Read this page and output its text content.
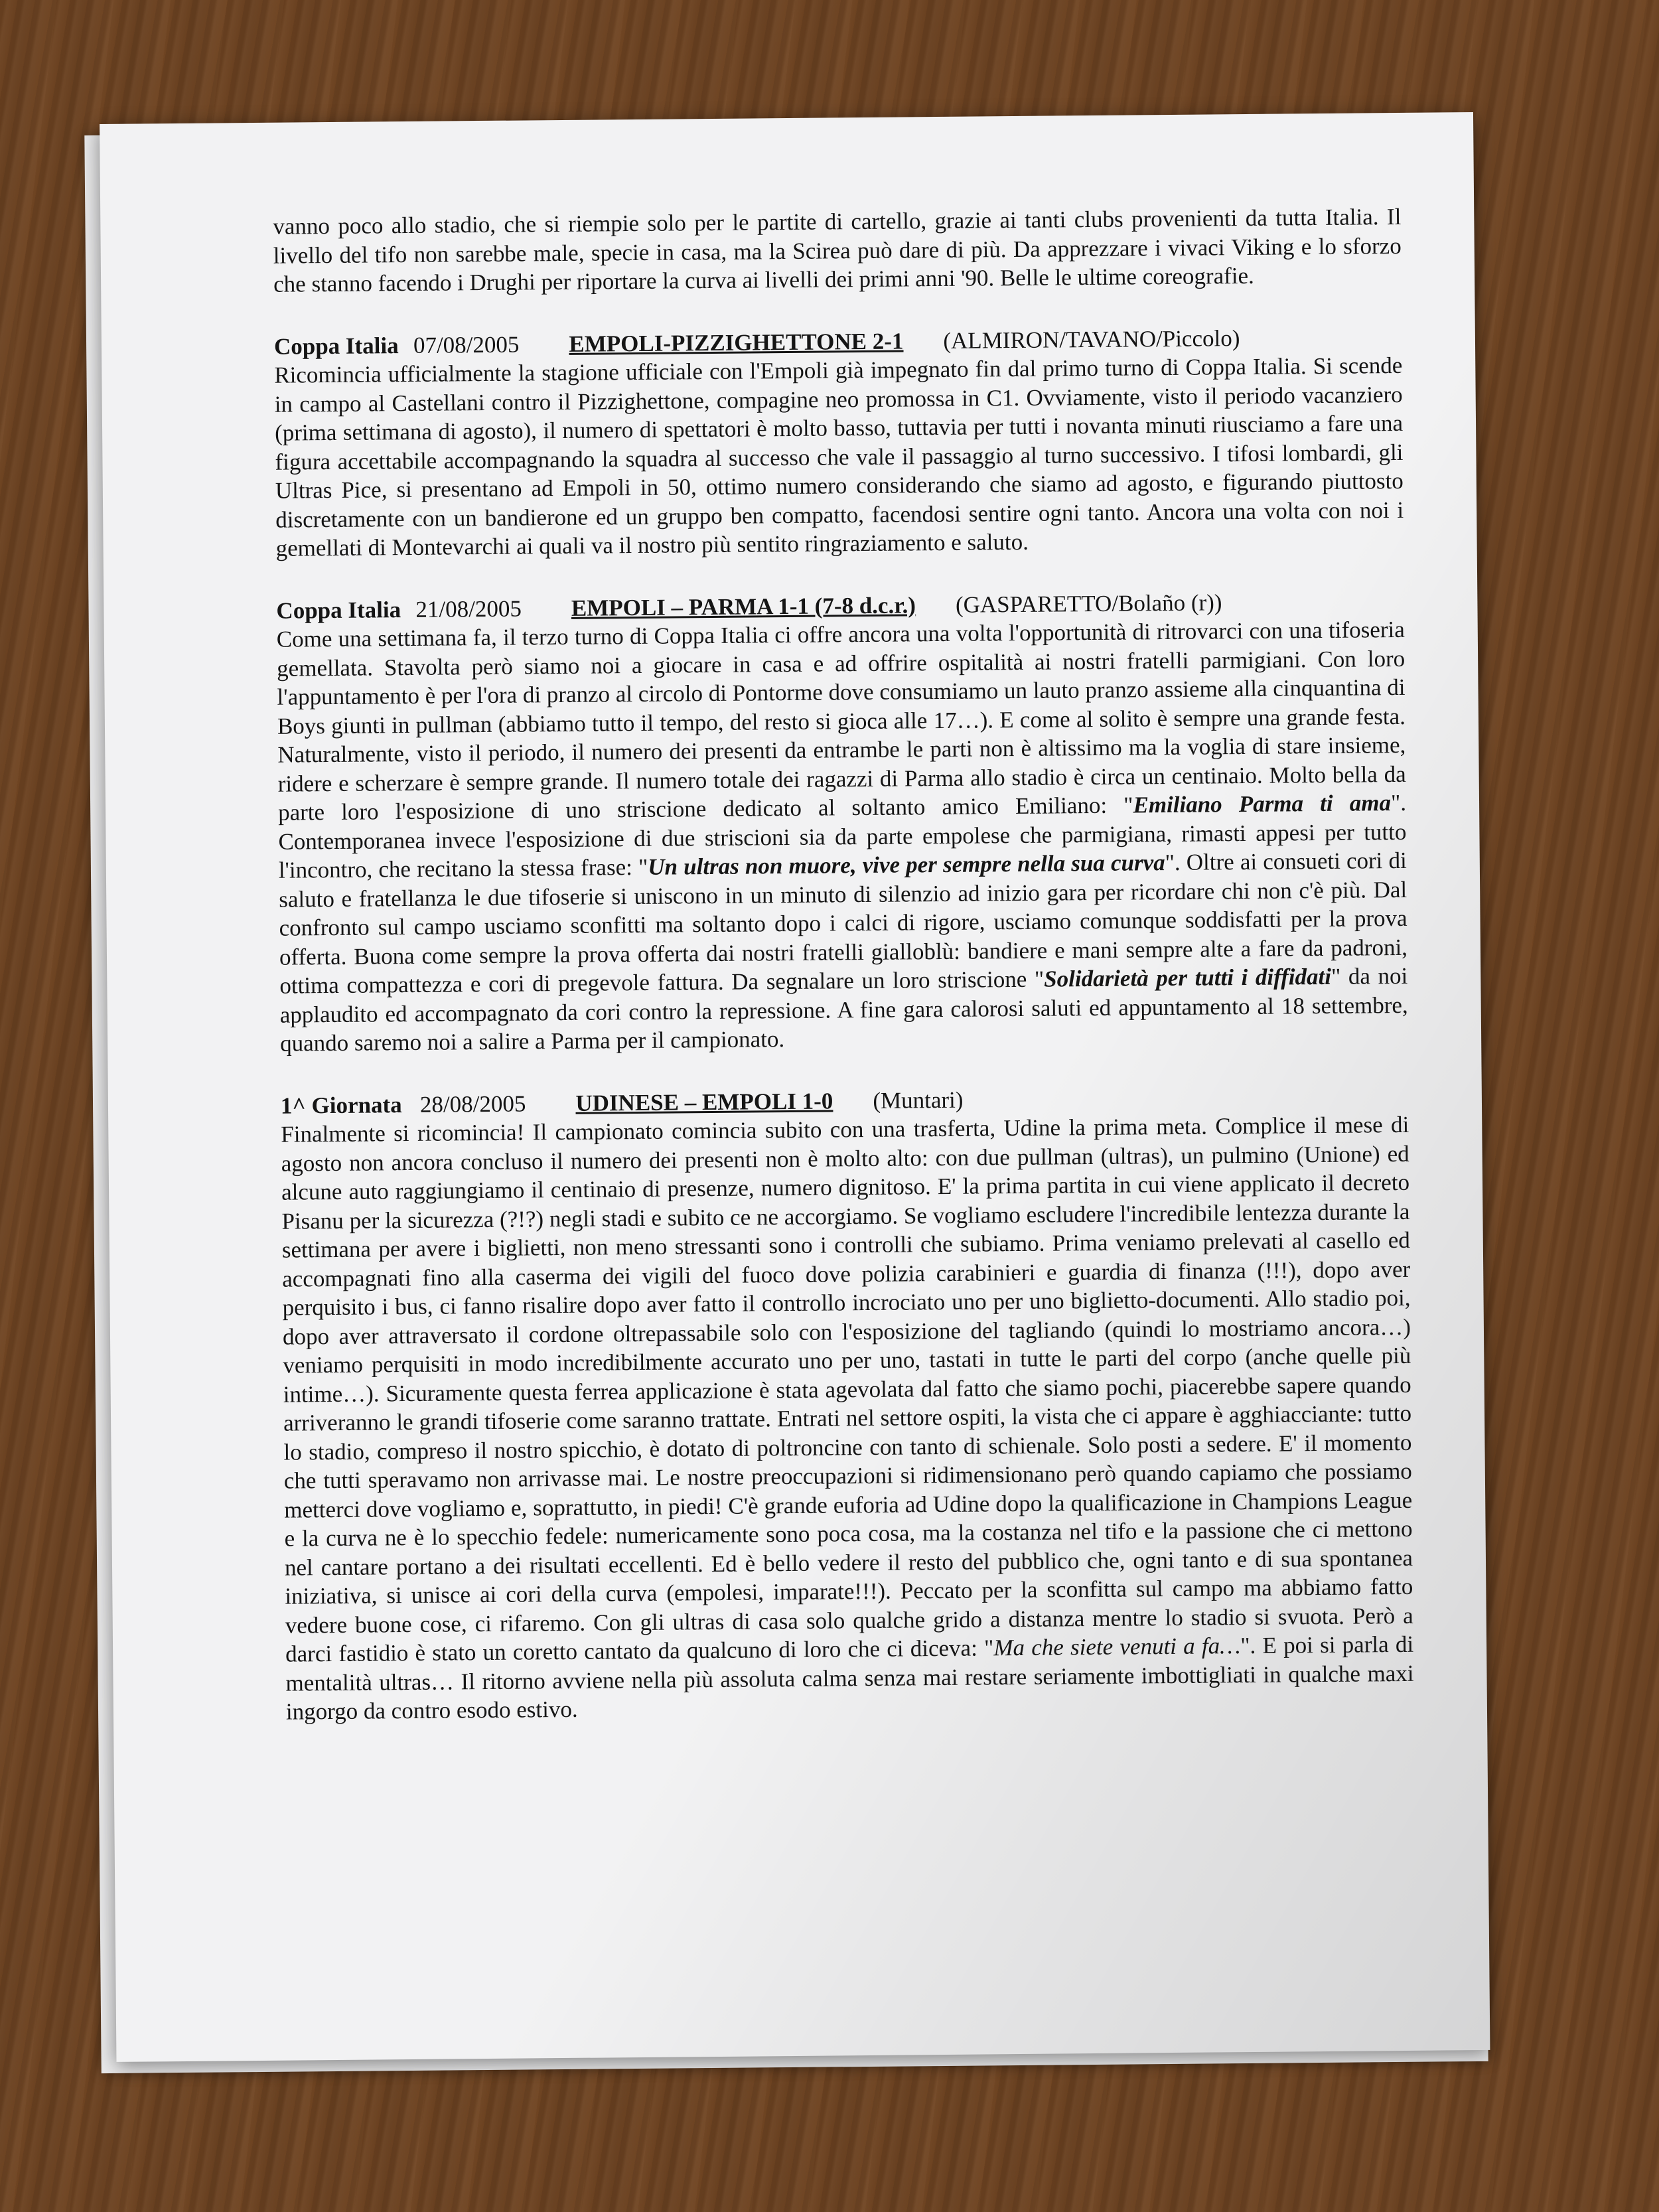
vanno poco allo stadio, che si riempie solo per le partite di cartello, grazie ai tanti clubs provenienti da tutta Italia. Il livello del tifo non sarebbe male, specie in casa, ma la Scirea può dare di più. Da apprezzare i vivaci Viking e lo sforzo che stanno facendo i Drughi per riportare la curva ai livelli dei primi anni '90. Belle le ultime coreografie.

Coppa Italia 07/08/2005 EMPOLI-PIZZIGHETTONE 2-1 (ALMIRON/TAVANO/Piccolo)
Ricomincia ufficialmente la stagione ufficiale con l'Empoli già impegnato fin dal primo turno di Coppa Italia. Si scende in campo al Castellani contro il Pizzighettone, compagine neo promossa in C1. Ovviamente, visto il periodo vacanziero (prima settimana di agosto), il numero di spettatori è molto basso, tuttavia per tutti i novanta minuti riusciamo a fare una figura accettabile accompagnando la squadra al successo che vale il passaggio al turno successivo. I tifosi lombardi, gli Ultras Pice, si presentano ad Empoli in 50, ottimo numero considerando che siamo ad agosto, e figurando piuttosto discretamente con un bandierone ed un gruppo ben compatto, facendosi sentire ogni tanto. Ancora una volta con noi i gemellati di Montevarchi ai quali va il nostro più sentito ringraziamento e saluto.
Coppa Italia 21/08/2005 EMPOLI – PARMA 1-1 (7-8 d.c.r.) (GASPARETTO/Bolaño (r))
Come una settimana fa, il terzo turno di Coppa Italia ci offre ancora una volta l'opportunità di ritrovarci con una tifoseria gemellata. Stavolta però siamo noi a giocare in casa e ad offrire ospitalità ai nostri fratelli parmigiani. Con loro l'appuntamento è per l'ora di pranzo al circolo di Pontorme dove consumiamo un lauto pranzo assieme alla cinquantina di Boys giunti in pullman (abbiamo tutto il tempo, del resto si gioca alle 17…). E come al solito è sempre una grande festa. Naturalmente, visto il periodo, il numero dei presenti da entrambe le parti non è altissimo ma la voglia di stare insieme, ridere e scherzare è sempre grande. Il numero totale dei ragazzi di Parma allo stadio è circa un centinaio. Molto bella da parte loro l'esposizione di uno striscione dedicato al soltanto amico Emiliano: "Emiliano Parma ti ama". Contemporanea invece l'esposizione di due striscioni sia da parte empolese che parmigiana, rimasti appesi per tutto l'incontro, che recitano la stessa frase: "Un ultras non muore, vive per sempre nella sua curva". Oltre ai consueti cori di saluto e fratellanza le due tifoserie si uniscono in un minuto di silenzio ad inizio gara per ricordare chi non c'è più. Dal confronto sul campo usciamo sconfitti ma soltanto dopo i calci di rigore, usciamo comunque soddisfatti per la prova offerta. Buona come sempre la prova offerta dai nostri fratelli gialloblù: bandiere e mani sempre alte a fare da padroni, ottima compattezza e cori di pregevole fattura. Da segnalare un loro striscione "Solidarietà per tutti i diffidati" da noi applaudito ed accompagnato da cori contro la repressione. A fine gara calorosi saluti ed appuntamento al 18 settembre, quando saremo noi a salire a Parma per il campionato.
1^ Giornata 28/08/2005 UDINESE – EMPOLI 1-0 (Muntari)
Finalmente si ricomincia! Il campionato comincia subito con una trasferta, Udine la prima meta. Complice il mese di agosto non ancora concluso il numero dei presenti non è molto alto: con due pullman (ultras), un pulmino (Unione) ed alcune auto raggiungiamo il centinaio di presenze, numero dignitoso. E' la prima partita in cui viene applicato il decreto Pisanu per la sicurezza (?!?) negli stadi e subito ce ne accorgiamo. Se vogliamo escludere l'incredibile lentezza durante la settimana per avere i biglietti, non meno stressanti sono i controlli che subiamo. Prima veniamo prelevati al casello ed accompagnati fino alla caserma dei vigili del fuoco dove polizia carabinieri e guardia di finanza (!!!), dopo aver perquisito i bus, ci fanno risalire dopo aver fatto il controllo incrociato uno per uno biglietto-documenti. Allo stadio poi, dopo aver attraversato il cordone oltrepassabile solo con l'esposizione del tagliando (quindi lo mostriamo ancora…) veniamo perquisiti in modo incredibilmente accurato uno per uno, tastati in tutte le parti del corpo (anche quelle più intime…). Sicuramente questa ferrea applicazione è stata agevolata dal fatto che siamo pochi, piacerebbe sapere quando arriveranno le grandi tifoserie come saranno trattate. Entrati nel settore ospiti, la vista che ci appare è agghiacciante: tutto lo stadio, compreso il nostro spicchio, è dotato di poltroncine con tanto di schienale. Solo posti a sedere. E' il momento che tutti speravamo non arrivasse mai. Le nostre preoccupazioni si ridimensionano però quando capiamo che possiamo metterci dove vogliamo e, soprattutto, in piedi! C'è grande euforia ad Udine dopo la qualificazione in Champions League e la curva ne è lo specchio fedele: numericamente sono poca cosa, ma la costanza nel tifo e la passione che ci mettono nel cantare portano a dei risultati eccellenti. Ed è bello vedere il resto del pubblico che, ogni tanto e di sua spontanea iniziativa, si unisce ai cori della curva (empolesi, imparate!!!). Peccato per la sconfitta sul campo ma abbiamo fatto vedere buone cose, ci rifaremo. Con gli ultras di casa solo qualche grido a distanza mentre lo stadio si svuota. Però a darci fastidio è stato un coretto cantato da qualcuno di loro che ci diceva: "Ma che siete venuti a fa…". E poi si parla di mentalità ultras… Il ritorno avviene nella più assoluta calma senza mai restare seriamente imbottigliati in qualche maxi ingorgo da contro esodo estivo.
